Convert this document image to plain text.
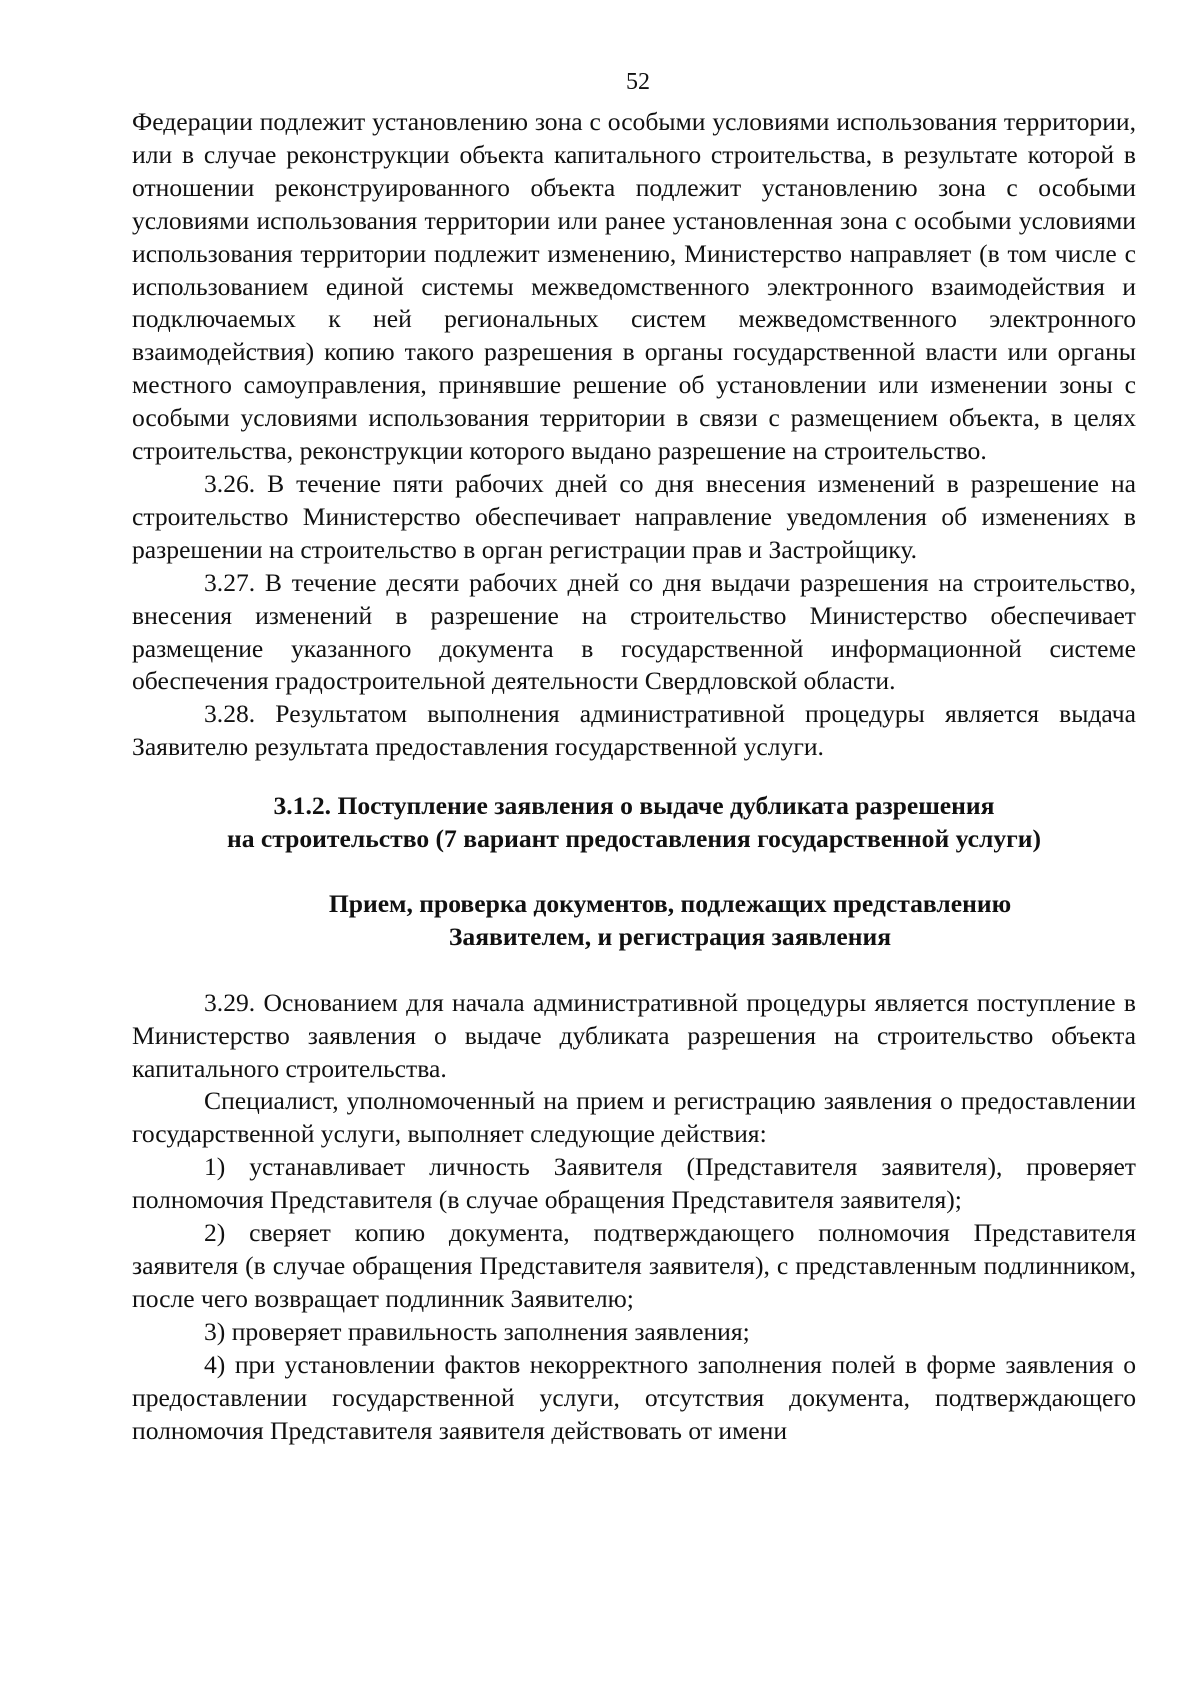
52

Федерации подлежит установлению зона с особыми условиями использования территории, или в случае реконструкции объекта капитального строительства, в результате которой в отношении реконструированного объекта подлежит установлению зона с особыми условиями использования территории или ранее установленная зона с особыми условиями использования территории подлежит изменению, Министерство направляет (в том числе с использованием единой системы межведомственного электронного взаимодействия и подключаемых к ней региональных систем межведомственного электронного взаимодействия) копию такого разрешения в органы государственной власти или органы местного самоуправления, принявшие решение об установлении или изменении зоны с особыми условиями использования территории в связи с размещением объекта, в целях строительства, реконструкции которого выдано разрешение на строительство.

3.26. В течение пяти рабочих дней со дня внесения изменений в разрешение на строительство Министерство обеспечивает направление уведомления об изменениях в разрешении на строительство в орган регистрации прав и Застройщику.

3.27. В течение десяти рабочих дней со дня выдачи разрешения на строительство, внесения изменений в разрешение на строительство Министерство обеспечивает размещение указанного документа в государственной информационной системе обеспечения градостроительной деятельности Свердловской области.

3.28. Результатом выполнения административной процедуры является выдача Заявителю результата предоставления государственной услуги.

3.1.2. Поступление заявления о выдаче дубликата разрешения
на строительство (7 вариант предоставления государственной услуги)
Прием, проверка документов, подлежащих представлению
Заявителем, и регистрация заявления

3.29. Основанием для начала административной процедуры является поступление в Министерство заявления о выдаче дубликата разрешения на строительство объекта капитального строительства.

Специалист, уполномоченный на прием и регистрацию заявления о предоставлении государственной услуги, выполняет следующие действия:

1) устанавливает личность Заявителя (Представителя заявителя), проверяет полномочия Представителя (в случае обращения Представителя заявителя);

2) сверяет копию документа, подтверждающего полномочия Представителя заявителя (в случае обращения Представителя заявителя), с представленным подлинником, после чего возвращает подлинник Заявителю;

3) проверяет правильность заполнения заявления;

4) при установлении фактов некорректного заполнения полей в форме заявления о предоставлении государственной услуги, отсутствия документа, подтверждающего полномочия Представителя заявителя действовать от имени
